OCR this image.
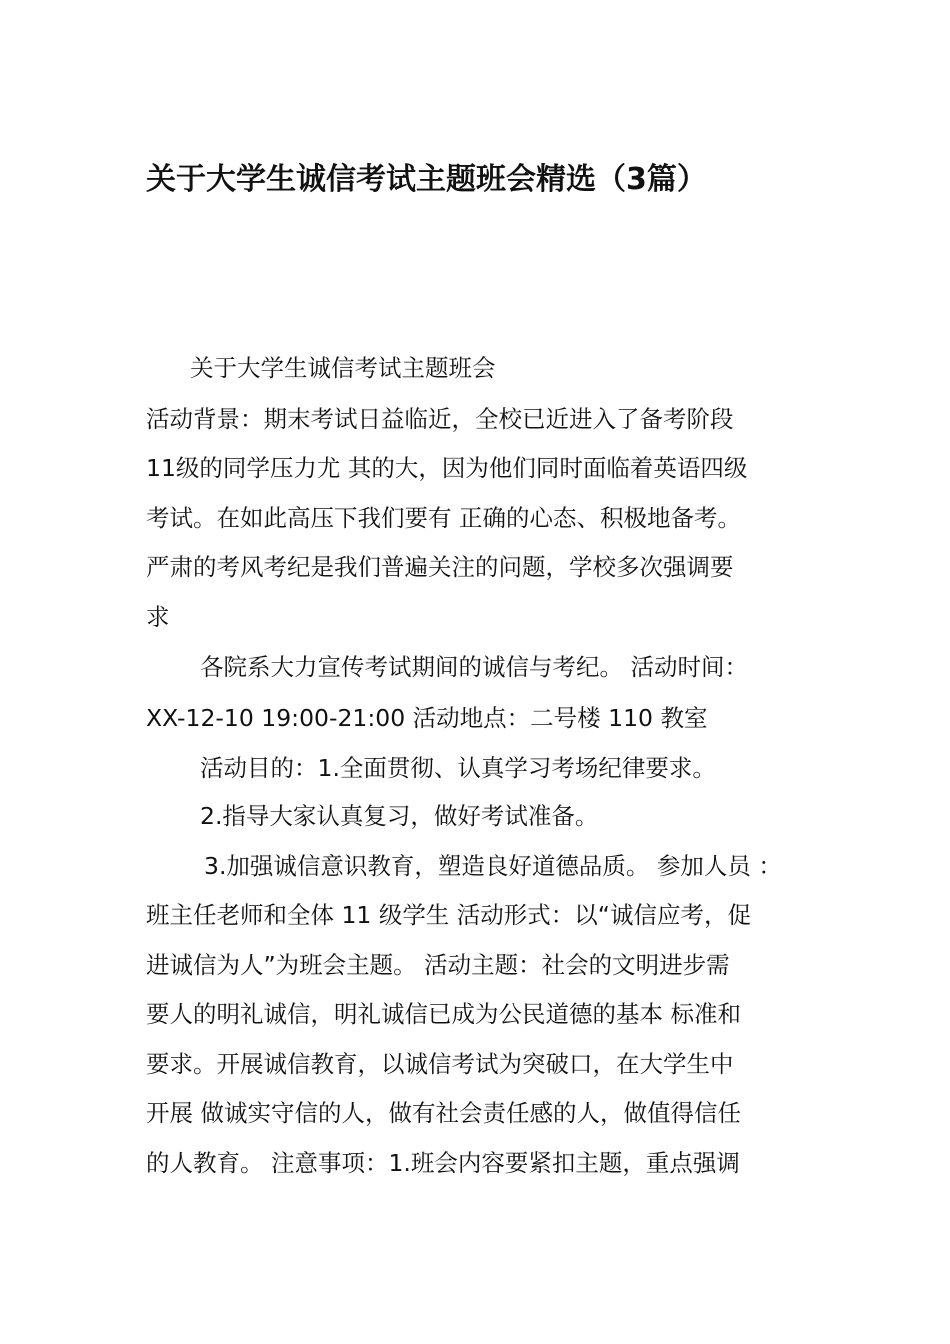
关于大学生诚信考试主题班会精选（3篇）
关于大学生诚信考试主题班会
活动背景：期末考试日益临近，全校已近进入了备考阶段
11级的同学压力尤 其的大，因为他们同时面临着英语四级
考试。在如此高压下我们要有 正确的心态、积极地备考。
严肃的考风考纪是我们普遍关注的问题，学校多次强调要
求
各院系大力宣传考试期间的诚信与考纪。 活动时间：
XX-12-10 19:00-21:00 活动地点：二号楼 110 教室
活动目的：1.全面贯彻、认真学习考场纪律要求。
2.指导大家认真复习，做好考试准备。
3.加强诚信意识教育，塑造良好道德品质。 参加人员 ：
班主任老师和全体 11 级学生 活动形式：以“诚信应考，促
进诚信为人”为班会主题。 活动主题：社会的文明进步需
要人的明礼诚信，明礼诚信已成为公民道德的基本 标准和
要求。开展诚信教育，以诚信考试为突破口，在大学生中
开展 做诚实守信的人，做有社会责任感的人，做值得信任
的人教育。 注意事项：1.班会内容要紧扣主题，重点强调
